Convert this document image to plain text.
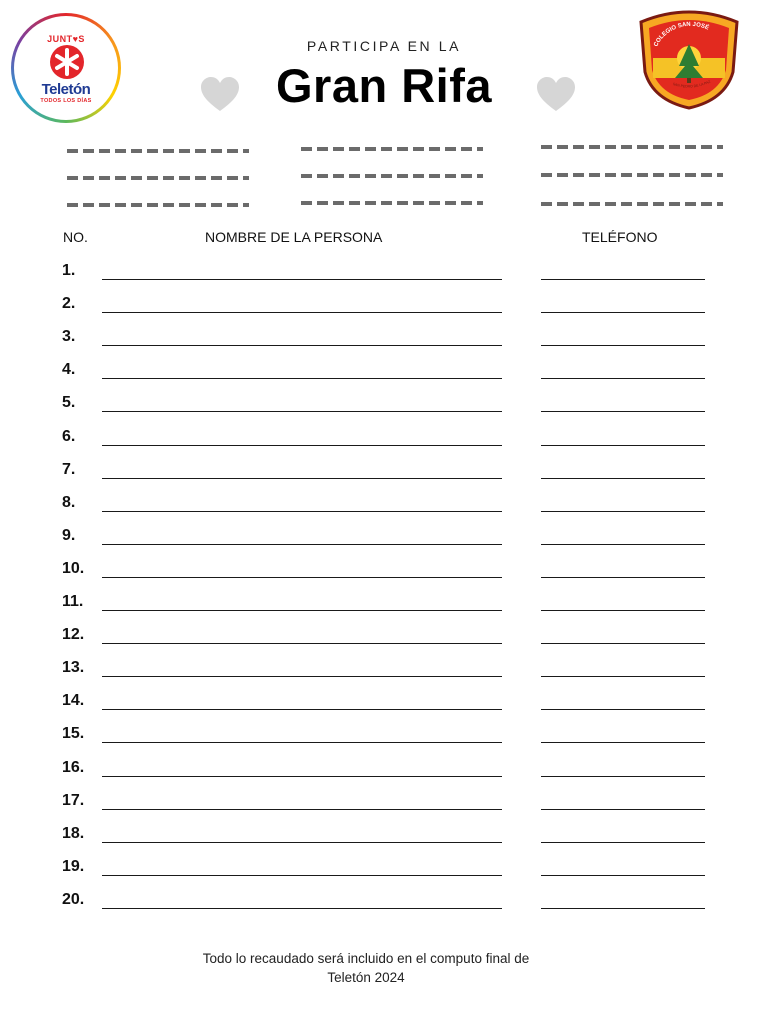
JUNT♥S
Teletón
TODOS LOS DÍAS
PARTICIPA EN LA
Gran Rifa
COLEGIO SAN JOSÉ
SAN PEDRO DE LA PAZ
NO.	NOMBRE DE LA PERSONA	TELÉFONO
1.
2.
3.
4.
5.
6.
7.
8.
9.
10.
11.
12.
13.
14.
15.
16.
17.
18.
19.
20.
Todo lo recaudado será incluido en el computo final de
Teletón 2024
